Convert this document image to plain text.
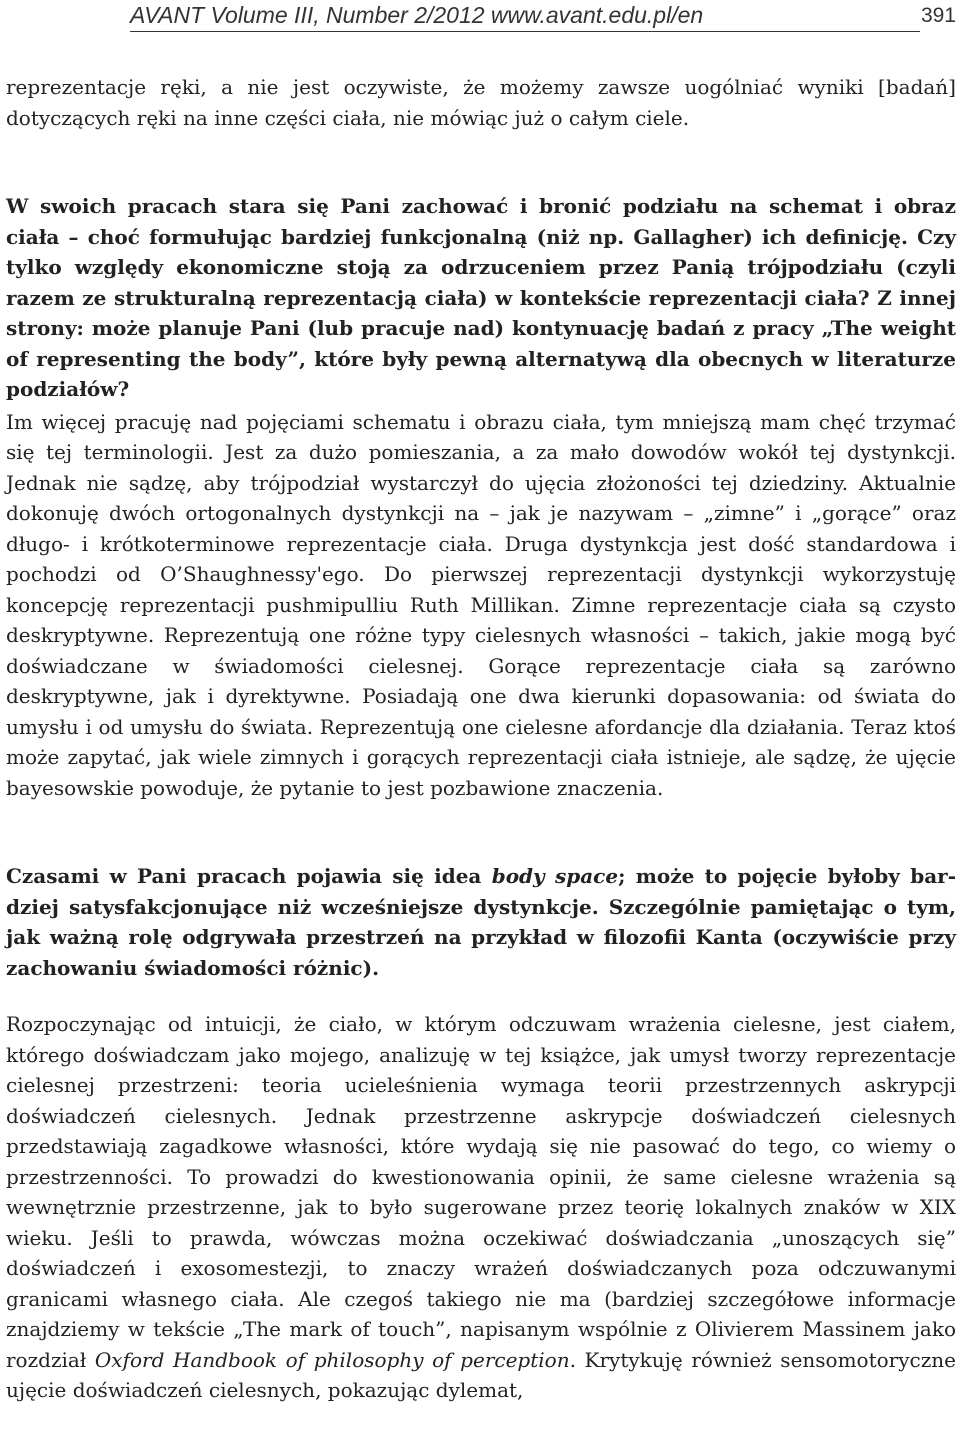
AVANT Volume III, Number 2/2012 www.avant.edu.pl/en	391

reprezentacje ręki, a nie jest oczywiste, że możemy zawsze uogólniać wyniki [badań] dotyczących ręki na inne części ciała, nie mówiąc już o całym ciele.

W swoich pracach stara się Pani zachować i bronić podziału na schemat i obraz ciała – choć formułując bardziej funkcjonalną (niż np. Gallagher) ich definicję. Czy tylko względy ekonomiczne stoją za odrzuceniem przez Panią trójpodziału (czyli razem ze strukturalną reprezentacją ciała) w kontekście reprezentacji ciała? Z innej strony: może planuje Pani (lub pracuje nad) kontynuację badań z pracy „The weight of representing the body”, które były pewną alternatywą dla obecnych w literaturze podziałów?

Im więcej pracuję nad pojęciami schematu i obrazu ciała, tym mniejszą mam chęć trzymać się tej terminologii. Jest za dużo pomieszania, a za mało dowodów wokół tej dystynkcji. Jednak nie sądzę, aby trójpodział wystarczył do ujęcia złożoności tej dziedziny. Aktualnie dokonuję dwóch ortogonalnych dystynkcji na – jak je nazywam – „zimne” i „gorące” oraz długo- i krótkoterminowe reprezentacje ciała. Druga dystynkcja jest dość standardowa i pochodzi od O’Shaughnessy'ego. Do pierwszej reprezentacji dystynkcji wykorzystuję koncepcję reprezentacji pushmipulliu Ruth Millikan. Zimne reprezentacje ciała są czysto deskryptywne. Reprezentują one różne typy cielesnych własności – takich, jakie mogą być doświadczane w świadomości cielesnej. Gorące reprezentacje ciała są zarówno deskryptywne, jak i dyrektywne. Posiadają one dwa kierunki dopasowania: od świata do umysłu i od umysłu do świata. Reprezentują one cielesne afordancje dla działania. Teraz ktoś może zapytać, jak wiele zimnych i gorących reprezentacji ciała istnieje, ale sądzę, że ujęcie bayesowskie powoduje, że pytanie to jest pozbawione znaczenia.

Czasami w Pani pracach pojawia się idea body space; może to pojęcie byłoby bardziej satysfakcjonujące niż wcześniejsze dystynkcje. Szczególnie pamiętając o tym, jak ważną rolę odgrywała przestrzeń na przykład w filozofii Kanta (oczywiście przy zachowaniu świadomości różnic).

Rozpoczynając od intuicji, że ciało, w którym odczuwam wrażenia cielesne, jest ciałem, którego doświadczam jako mojego, analizuję w tej książce, jak umysł tworzy reprezentacje cielesnej przestrzeni: teoria ucieleśnienia wymaga teorii przestrzennych askrypcji doświadczeń cielesnych. Jednak przestrzenne askrypcje doświadczeń cielesnych przedstawiają zagadkowe własności, które wydają się nie pasować do tego, co wiemy o przestrzenności. To prowadzi do kwestionowania opinii, że same cielesne wrażenia są wewnętrznie przestrzenne, jak to było sugerowane przez teorię lokalnych znaków w XIX wieku. Jeśli to prawda, wówczas można oczekiwać doświadczania „unoszących się” doświadczeń i exosomestezji, to znaczy wrażeń doświadczanych poza odczuwanymi granicami własnego ciała. Ale czegoś takiego nie ma (bardziej szczegółowe informacje znajdziemy w tekście „The mark of touch”, napisanym wspólnie z Olivierem Massinem jako rozdział Oxford Handbook of philosophy of perception. Krytykuję również sensomotoryczne ujęcie doświadczeń cielesnych, pokazując dylemat,
